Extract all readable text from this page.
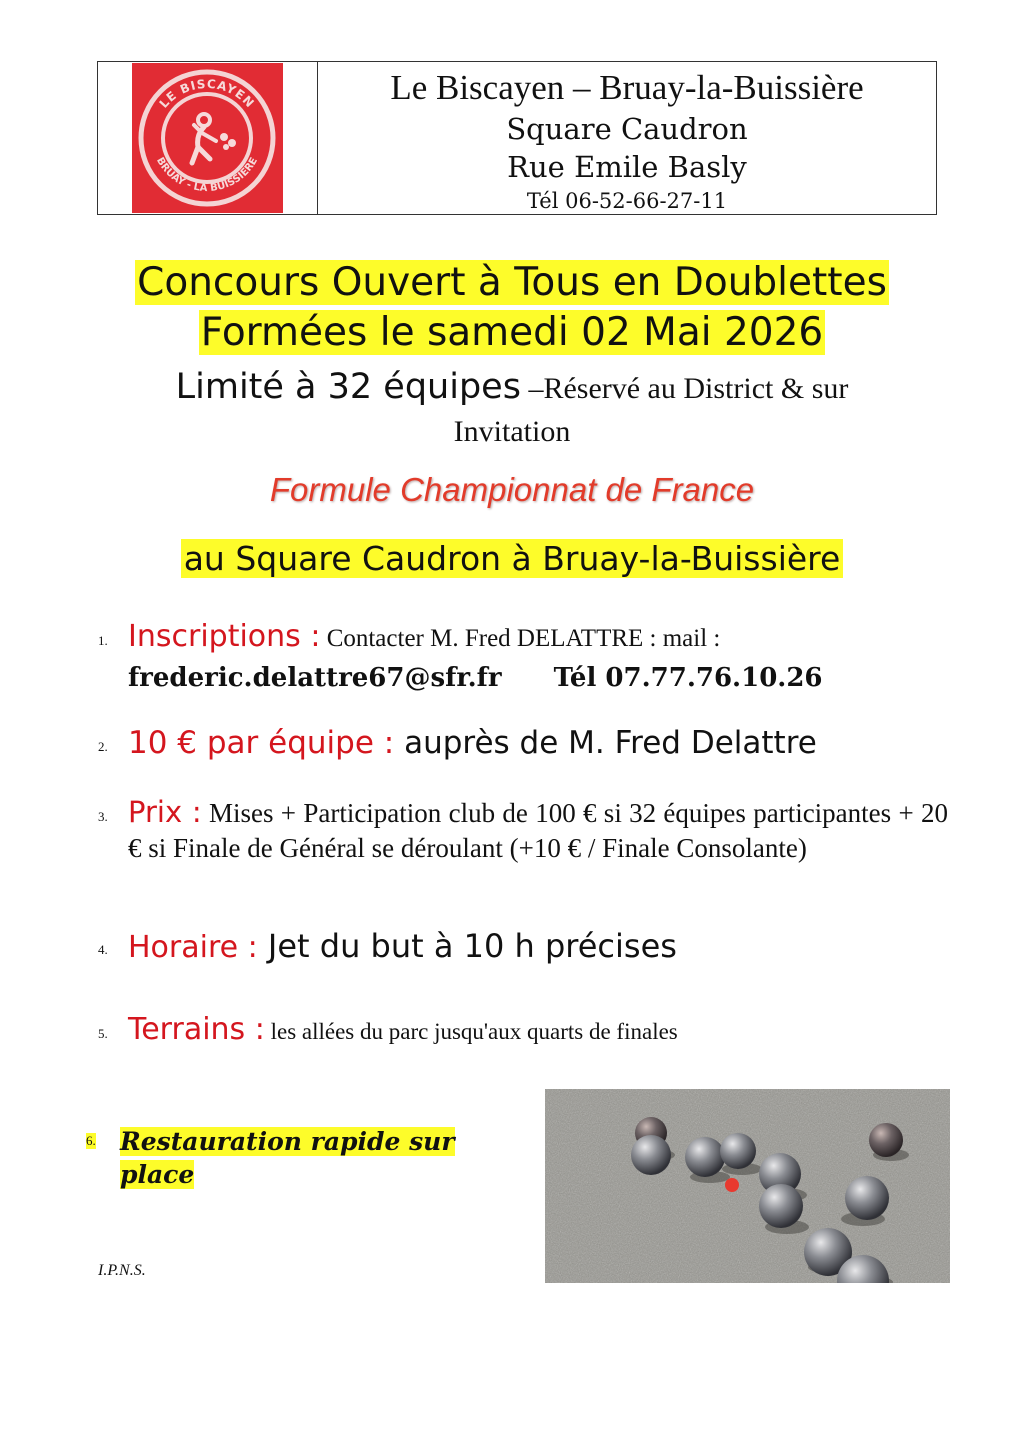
LE BISCAYEN
BRUAY - LA BUISSIERE
Le Biscayen – Bruay-la-Buissière
Square Caudron
Rue Emile Basly
Tél 06-52-66-27-11
Concours Ouvert à Tous en Doublettes
Formées le samedi 02 Mai 2026
Limité à 32 équipes –Réservé au District & sur
Invitation
Formule Championnat de France
au Square Caudron à Bruay-la-Buissière
1. Inscriptions : Contacter M. Fred DELATTRE : mail :
frederic.delattre67@sfr.fr Tél 07.77.76.10.26
2. 10 € par équipe : auprès de M. Fred Delattre
3. Prix : Mises + Participation club de 100 € si 32 équipes participantes + 20 € si Finale de Général se déroulant (+10 € / Finale Consolante)
4. Horaire : Jet du but à 10 h précises
5. Terrains : les allées du parc jusqu'aux quarts de finales
6. Restauration rapide sur place
I.P.N.S.
